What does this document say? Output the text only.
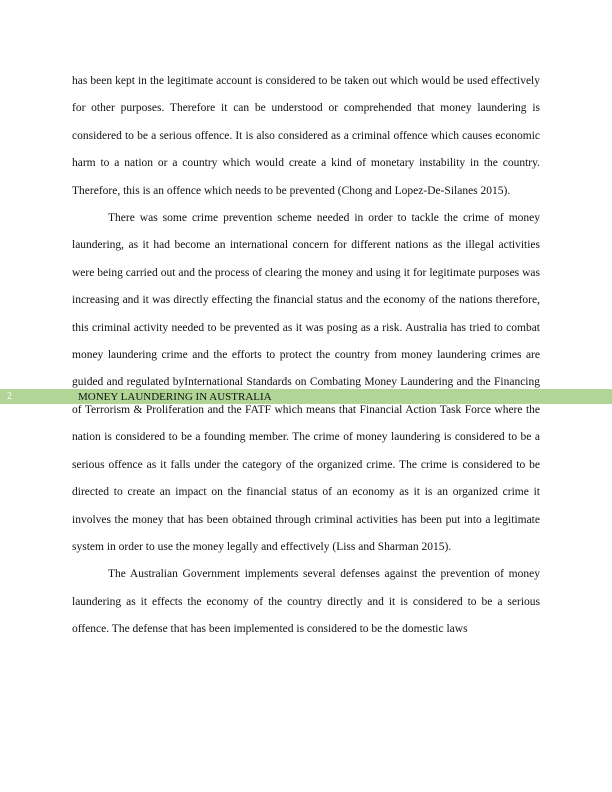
has been kept in the legitimate account is considered to be taken out which would be used effectively for other purposes. Therefore it can be understood or comprehended that money laundering is considered to be a serious offence. It is also considered as a criminal offence which causes economic harm to a nation or a country which would create a kind of monetary instability in the country. Therefore, this is an offence which needs to be prevented (Chong and Lopez-De-Silanes 2015).

There was some crime prevention scheme needed in order to tackle the crime of money laundering, as it had become an international concern for different nations as the illegal activities were being carried out and the process of clearing the money and using it for legitimate purposes was increasing and it was directly effecting the financial status and the economy of the nations therefore, this criminal activity needed to be prevented as it was posing as a risk. Australia has tried to combat money laundering crime and the efforts to protect the country from money laundering crimes are guided and regulated byInternational Standards on Combating Money Laundering and the Financing of Terrorism & Proliferation and the FATF which means that Financial Action Task Force where the nation is considered to be a founding member. The crime of money laundering is considered to be a serious offence as it falls under the category of the organized crime. The crime is considered to be directed to create an impact on the financial status of an economy as it is an organized crime it involves the money that has been obtained through criminal activities has been put into a legitimate system in order to use the money legally and effectively (Liss and Sharman 2015).

The Australian Government implements several defenses against the prevention of money laundering as it effects the economy of the country directly and it is considered to be a serious offence. The defense that has been implemented is considered to be the domestic laws

2	MONEY LAUNDERING IN AUSTRALIA
